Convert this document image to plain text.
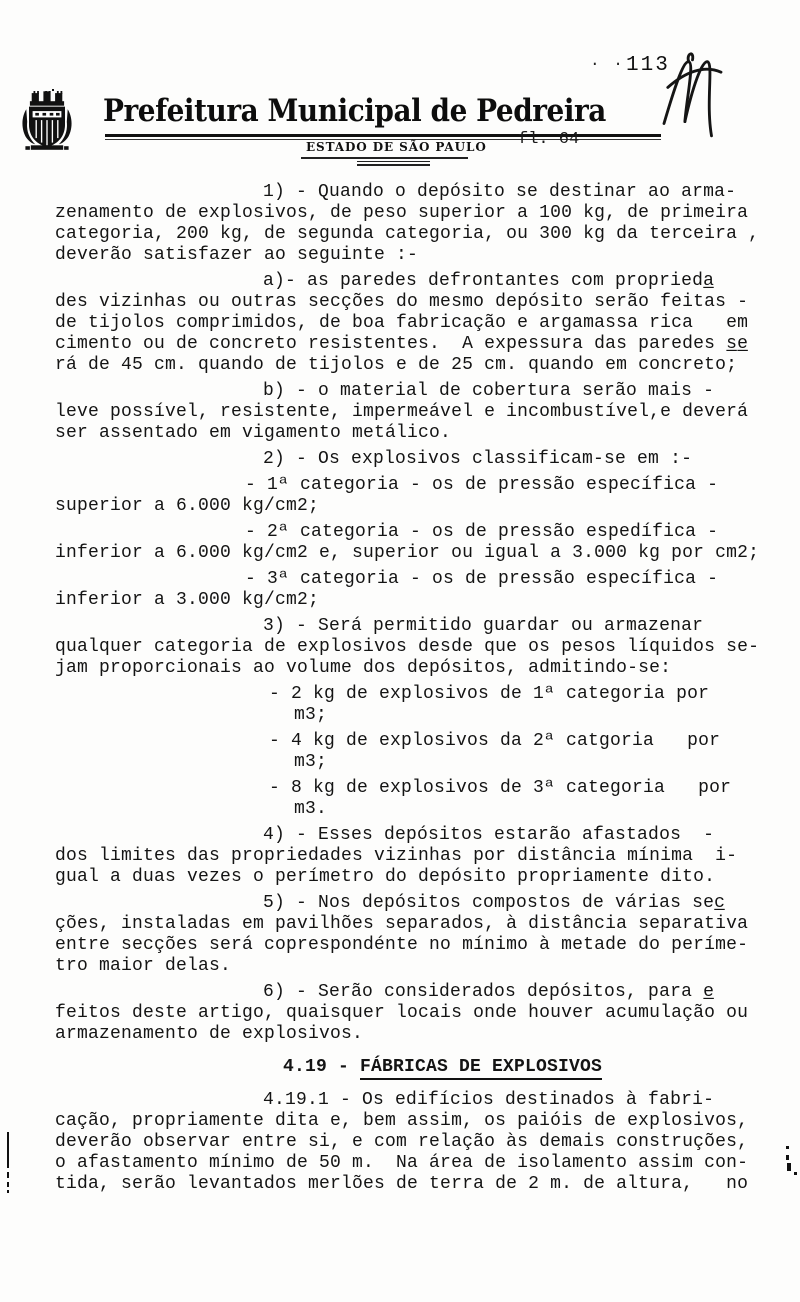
Prefeitura Municipal de Pedreira
ESTADO DE SÃO PAULO fl. 64
. . 113
1) - Quando o depósito se destinar ao arma-
zenamento de explosivos, de peso superior a 100 kg, de primeira
categoria, 200 kg, de segunda categoria, ou 300 kg da terceira ,
deverão satisfazer ao seguinte :-
a)- as paredes defrontantes com proprieda̲
des vizinhas ou outras secções do mesmo depósito serão feitas -
de tijolos comprimidos, de boa fabricação e argamassa rica   em
cimento ou de concreto resistentes.  A expessura das paredes s̲e̲
rá de 45 cm. quando de tijolos e de 25 cm. quando em concreto;
b) - o material de cobertura serão mais -
leve possível, resistente, impermeável e incombustível,e deverá
ser assentado em vigamento metálico.
2) - Os explosivos classificam-se em :-
- 1ª categoria - os de pressão específica -
superior a 6.000 kg/cm2;
- 2ª categoria - os de pressão espedífica -
inferior a 6.000 kg/cm2 e, superior ou igual a 3.000 kg por cm2;
- 3ª categoria - os de pressão específica -
inferior a 3.000 kg/cm2;
3) - Será permitido guardar ou armazenar
qualquer categoria de explosivos desde que os pesos líquidos se-
jam proporcionais ao volume dos depósitos, admitindo-se:
- 2 kg de explosivos de 1ª categoria por
m3;
- 4 kg de explosivos da 2ª catgoria   por
m3;
- 8 kg de explosivos de 3ª categoria   por
m3.
4) - Esses depósitos estarão afastados  -
dos limites das propriedades vizinhas por distância mínima  i-
gual a duas vezes o perímetro do depósito propriamente dito.
5) - Nos depósitos compostos de várias sec̲
ções, instaladas em pavilhões separados, à distância separativa
entre secções será coprespondénte no mínimo à metade do períme-
tro maior delas.
6) - Serão considerados depósitos, para e̲
feitos deste artigo, quaisquer locais onde houver acumulação ou
armazenamento de explosivos.
4.19 - FÁBRICAS DE EXPLOSIVOS
4.19.1 - Os edifícios destinados à fabri-
cação, propriamente dita e, bem assim, os paióis de explosivos,
deverão observar entre si, e com relação às demais construções,
o afastamento mínimo de 50 m.  Na área de isolamento assim con-
tida, serão levantados merlões de terra de 2 m. de altura,   no
